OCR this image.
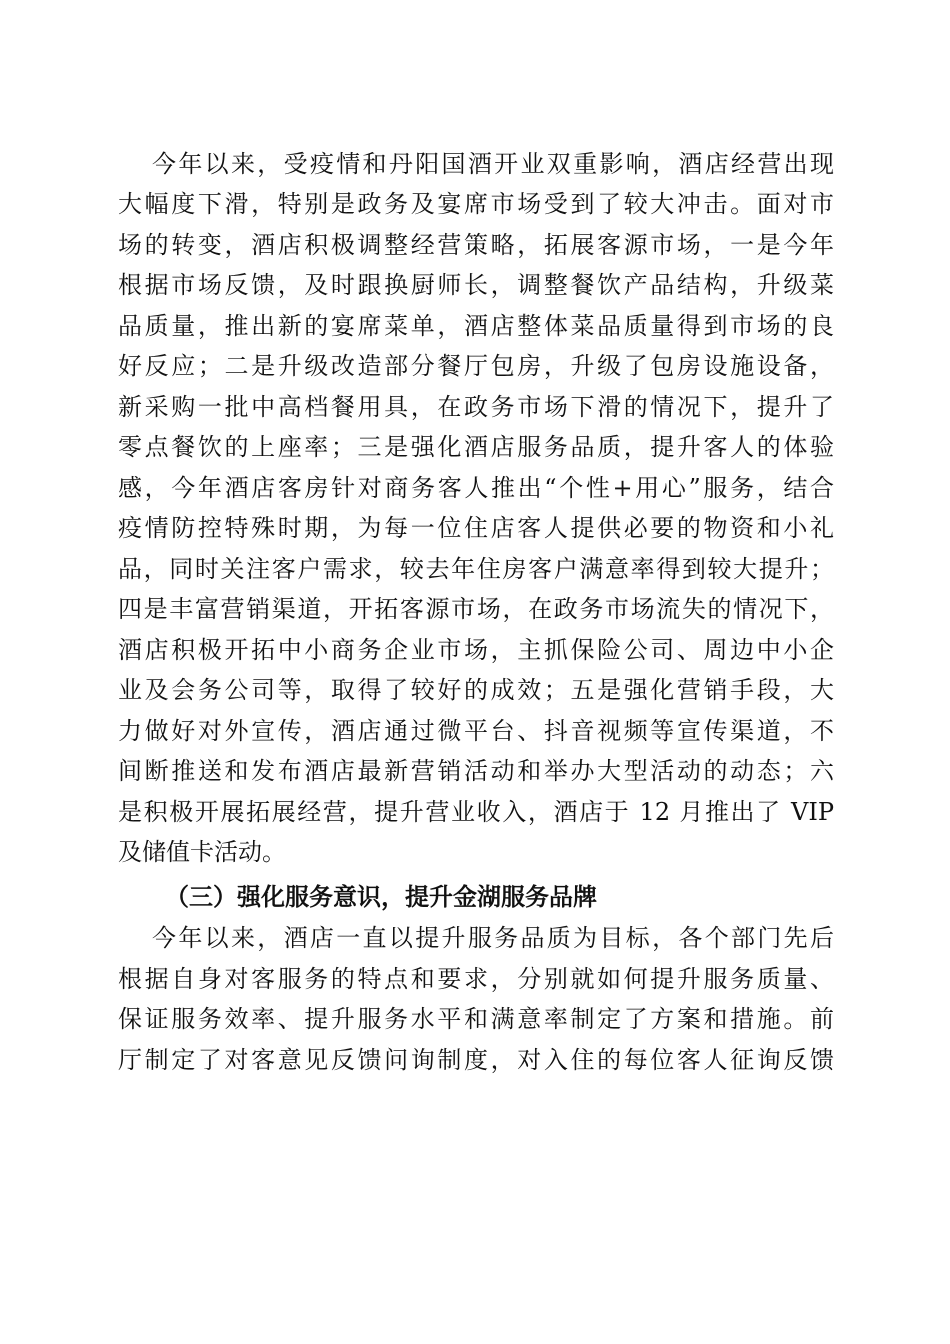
今年以来，受疫情和丹阳国酒开业双重影响，酒店经营出现
大幅度下滑，特别是政务及宴席市场受到了较大冲击。面对市
场的转变，酒店积极调整经营策略，拓展客源市场，一是今年
根据市场反馈，及时跟换厨师长，调整餐饮产品结构，升级菜
品质量，推出新的宴席菜单，酒店整体菜品质量得到市场的良
好反应；二是升级改造部分餐厅包房，升级了包房设施设备，
新采购一批中高档餐用具，在政务市场下滑的情况下，提升了
零点餐饮的上座率；三是强化酒店服务品质，提升客人的体验
感，今年酒店客房针对商务客人推出“个性+用心”服务，结合
疫情防控特殊时期，为每一位住店客人提供必要的物资和小礼
品，同时关注客户需求，较去年住房客户满意率得到较大提升；
四是丰富营销渠道，开拓客源市场，在政务市场流失的情况下，
酒店积极开拓中小商务企业市场，主抓保险公司、周边中小企
业及会务公司等，取得了较好的成效；五是强化营销手段，大
力做好对外宣传，酒店通过微平台、抖音视频等宣传渠道，不
间断推送和发布酒店最新营销活动和举办大型活动的动态；六
是积极开展拓展经营，提升营业收入，酒店于 12 月推出了 VIP
及储值卡活动。
（三）强化服务意识，提升金湖服务品牌
今年以来，酒店一直以提升服务品质为目标，各个部门先后
根据自身对客服务的特点和要求，分别就如何提升服务质量、
保证服务效率、提升服务水平和满意率制定了方案和措施。前
厅制定了对客意见反馈问询制度，对入住的每位客人征询反馈
